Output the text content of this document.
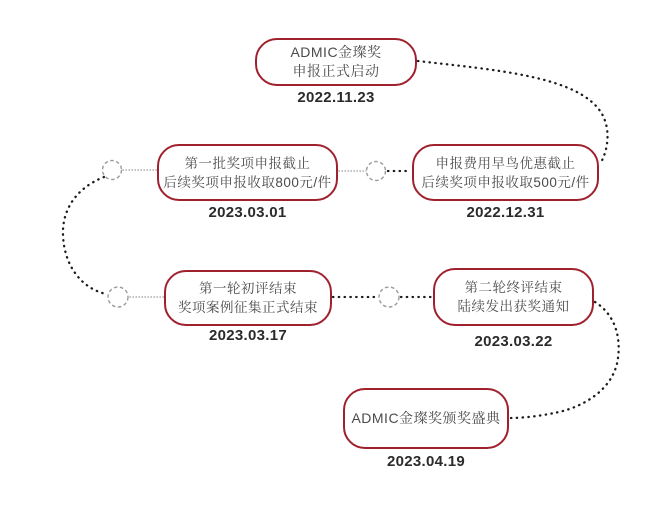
ADMIC金璨奖
申报正式启动
2022.11.23
申报费用早鸟优惠截止
后续奖项申报收取500元/件
2022.12.31
第一批奖项申报截止
后续奖项申报收取800元/件
2023.03.01
第一轮初评结束
奖项案例征集正式结束
2023.03.17
第二轮终评结束
陆续发出获奖通知
2023.03.22
ADMIC金璨奖颁奖盛典
2023.04.19
